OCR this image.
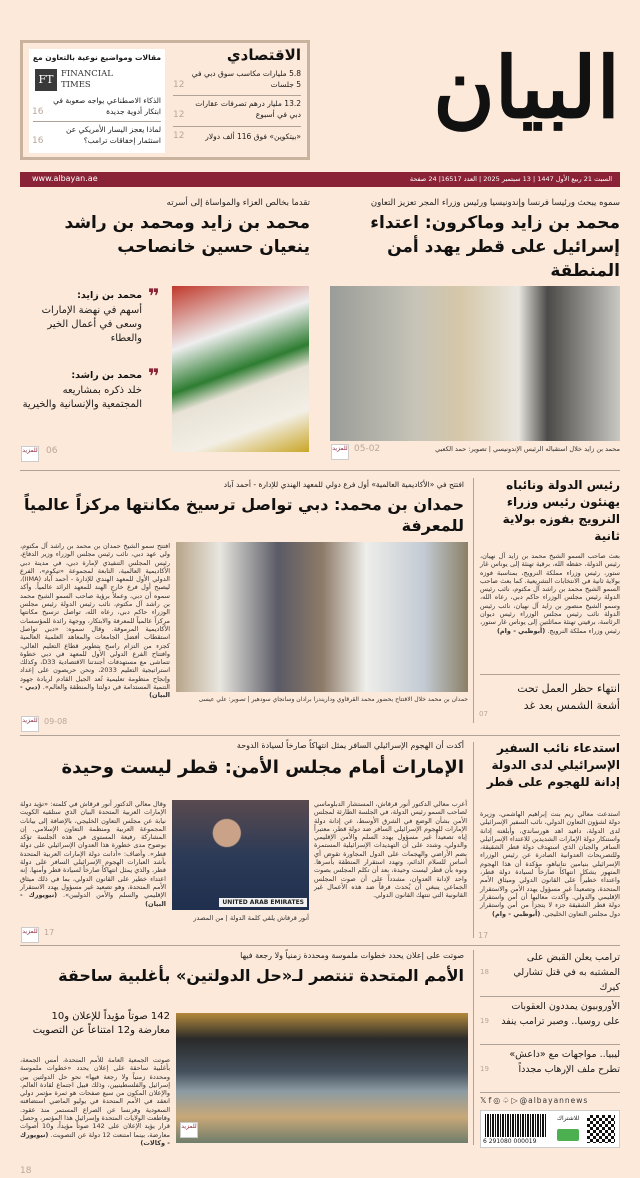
مقالات ومواضيع نوعية بالتعاون مع
FT FINANCIAL
TIMES
الذكاء الاصطناعي يواجه صعوبة في ابتكار أدوية جديدة
16
لماذا يعجز اليسار الأمريكي عن استثمار إخفاقات ترامب؟
16
الاقتصادي
5.8 مليارات مكاسب سوق دبي في 5 جلسات
12
13.2 مليار درهم تصرفات عقارات دبي في أسبوع
12
«بيتكوين» فوق 116 ألف دولار
12	البيان
www.albayan.ae	السبت 21 ربيع الأول 1447 | 13 سبتمبر 2025 | العدد 16517| 24 صفحة
سموه يبحث ورئيسا فرنسا وإندونيسيا ورئيس وزراء المجر تعزيز التعاون
محمد بن زايد وماكرون: اعتداء إسرائيل على قطر يهدد أمن المنطقة
محمد بن زايد خلال استقباله الرئيس الإندونيسي | تصوير: حمد الكعبي
05-02
للمزيد
تقدما بخالص العزاء والمواساة إلى أسرته
محمد بن زايد ومحمد بن راشد ينعيان حسين خانصاحب
❞
محمد بن زايد:
أسهم في نهضة الإمارات وسعى في أعمال الخير والعطاء
❞
محمد بن راشد:
خلد ذكره بمشاريعه المجتمعية والإنسانية والخيرية
06
للمزيد
رئيس الدولة ونائباه يهنئون رئيس وزراء النرويج بفوزه بولاية ثانية
بعث صاحب السمو الشيخ محمد بن زايد آل نهيان، رئيس الدولة، حفظه الله، برقية تهنئة إلى يوناس غار ستور، رئيس وزراء مملكة النرويج، بمناسبة فوزه بولاية ثانية في الانتخابات التشريعية. كما بعث صاحب السمو الشيخ محمد بن راشد آل مكتوم، نائب رئيس الدولة رئيس مجلس الوزراء حاكم دبي، رعاه الله، وسمو الشيخ منصور بن زايد آل نهيان، نائب رئيس الدولة نائب رئيس مجلس الوزراء رئيس ديوان الرئاسة، برقيتي تهنئة مماثلتين إلى يوناس غار ستور، رئيس وزراء مملكة النرويج. (أبوظبي - وام)
انتهاء حظر العمل تحت أشعة الشمس بعد غد
07
افتتح في «الأكاديمية العالمية» أول فرع دولي للمعهد الهندي للإدارة - أحمد آباد
حمدان بن محمد: دبي تواصل ترسيخ مكانتها مركزاً عالمياً للمعرفة
حمدان بن محمد خلال الافتتاح بحضور محمد القرقاوي وداريندرا برادان وسانجاي سودهير | تصوير: علي عيسى
افتتح سمو الشيخ حمدان بن محمد بن راشد آل مكتوم، ولي عهد دبي، نائب رئيس مجلس الوزراء وزير الدفاع، رئيس المجلس التنفيذي لإمارة دبي، في مدينة دبي الأكاديمية العالمية، التابعة لمجموعة «تيكوم»، الفرع الدولي الأول للمعهد الهندي للإدارة - أحمد آباد (IIMA)، ليصبح أول فرع خارج الهند للمعهد الرائد عالمياً. وأكد سموه أن دبي، وعملاً برؤية صاحب السمو الشيخ محمد بن راشد آل مكتوم، نائب رئيس الدولة رئيس مجلس الوزراء حاكم دبي، رعاه الله، تواصل ترسيخ مكانتها مركزاً عالمياً للمعرفة والابتكار، ووجهة رائدة للمؤسسات الأكاديمية المرموقة. وقال سموه: «دبي تواصل استقطاب أفضل الجامعات والمعاهد العلمية العالمية كجزء من التزام راسخ بتطوير قطاع التعليم العالي، وافتتاح الفرع الدولي الأول للمعهد في دبي خطوة تتماشى مع مستهدفات أجندتنا الاقتصادية D33، وكذلك استراتيجية التعليم 2033، ونحن حريصون على إعداد وإنجاح منظومة تعليمية تُعد الجيل القادم لريادة جهود التنمية المستدامة في دولتنا والمنطقة والعالم». (دبي - البيان)
09-08
للمزيد
استدعاء نائب السفير الإسرائيلي لدى الدولة إدانة للهجوم على قطر
استدعت معالي ريم بنت إبراهيم الهاشمي، وزيرة دولة لشؤون التعاون الدولي، نائب السفير الإسرائيلي لدى الدولة، دافيد اهد هورساندي، وأبلغته إدانة واستنكار دولة الإمارات الشديدين للاعتداء الإسرائيلي السافر والجبان الذي استهدف دولة قطر الشقيقة، وللتصريحات العدوانية الصادرة عن رئيس الوزراء الإسرائيلي بنيامين نتانياهو، مؤكدة أن هذا الهجوم المتهور يشكل انتهاكاً صارخاً لسيادة دولة قطر، واعتداء خطيراً على القانون الدولي وميثاق الأمم المتحدة، وتصعيداً غير مسؤول يهدد الأمن والاستقرار الإقليمي والدولي. وأكدت معاليها أن أمن واستقرار دولة قطر الشقيقة جزء لا يتجزأ من أمن واستقرار دول مجلس التعاون الخليجي. (أبوظبي - وام)
17
أكدت أن الهجوم الإسرائيلي السافر يمثل انتهاكاً صارخاً لسيادة الدوحة
الإمارات أمام مجلس الأمن: قطر ليست وحيدة
أعرب معالي الدكتور أنور قرقاش، المستشار الدبلوماسي لصاحب السمو رئيس الدولة، في الجلسة الطارئة لمجلس الأمن بشأن الوضع في الشرق الأوسط، عن إدانة دولة الإمارات للهجوم الإسرائيلي السافر ضد دولة قطر، معتبراً إياه تصعيداً غير مسؤول يهدد السلم والأمن الإقليمي والدولي، وشدد على أن التهديدات الإسرائيلية المستمرة بضم الأراضي والهجمات على الدول المجاورة تقوض أي أساس للسلام الدائم، وتهدد استقرار المنطقة بأسرها. ونوه بأن قطر ليست وحيدة، بعد أن تكلم المجلس بصوت واحد لإدانة العدوان، مشدداً على أن صوت المجلس الجماعي ينبغي أن يُحدث فرقاً ضد هذه الأعمال غير القانونية التي تنتهك القانون الدولي.
UNITED ARAB EMIRATES
أنور قرقاش يلقي كلمة الدولة | من المصدر
وقال معالي الدكتور أنور قرقاش في كلمته: «تؤيد دولة الإمارات العربية المتحدة البيان الذي ستلقيه الكويت نيابة عن مجلس التعاون الخليجي، بالإضافة إلى بيانات المجموعة العربية ومنظمة التعاون الإسلامي. إن المشاركة رفيعة المستوى في هذه الجلسة تؤكد بوضوح مدى خطورة هذا العدوان الإسرائيلي على دولة قطر». وأضاف: «أدانت دولة الإمارات العربية المتحدة بأشد العبارات الهجوم الإسرائيلي السافر على دولة قطر، والذي يمثل انتهاكاً صارخاً لسيادة قطر وأمنها. إنه اعتداء خطير على القانون الدولي، بما في ذلك ميثاق الأمم المتحدة، وهو تصعيد غير مسؤول يهدد الاستقرار الإقليمي والسلم والأمن الدوليين». (نيويورك - البيان)
17
للمزيد
ترامب يعلن القبض على المشتبه به في قتل تشارلي كيرك
18
الأوروبيون يمددون العقوبات على روسيا.. وصبر ترامب ينفد
19
ليبيا.. مواجهات مع «داعش» تطرح ملف الإرهاب مجدداً
19
𝕏 f ◎ ♤ ▷ @albayannews
6 291080 000019
للاشتراك
صوتت على إعلان يحدد خطوات ملموسة ومحددة زمنياً ولا رجعة فيها
الأمم المتحدة تنتصر لـ«حل الدولتين» بأغلبية ساحقة
142 صوتاً مؤيداً للإعلان و10 معارضة و12 امتناعاً عن التصويت
صوتت الجمعية العامة للأمم المتحدة، أمس الجمعة، بأغلبية ساحقة على إعلان يحدد «خطوات ملموسة ومحددة زمنياً ولا رجعة فيها» نحو حل الدولتين بين إسرائيل والفلسطينيين، وذلك قبيل اجتماع لقادة العالم. والإعلان المكون من سبع صفحات هو ثمرة مؤتمر دولي انعقد في الأمم المتحدة في يوليو الماضي استضافته السعودية وفرنسا عن الصراع المستمر منذ عقود. وقاطعت الولايات المتحدة وإسرائيل هذا المؤتمر، وحصل قرار يؤيد الإعلان على 142 صوتاً مؤيداً، و10 أصوات معارضة، بينما امتنعت 12 دولة عن التصويت. (نيويورك - وكالات)
18
للمزيد
